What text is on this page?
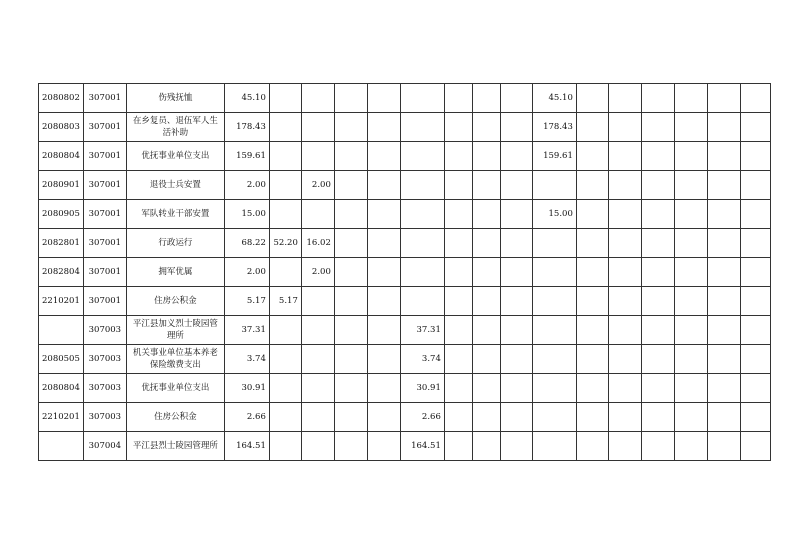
2080802	307001	伤残抚恤	45.10									45.10						
2080803	307001	在乡复员、退伍军人生活补助	178.43									178.43						
2080804	307001	优抚事业单位支出	159.61									159.61						
2080901	307001	退役士兵安置	2.00		2.00													
2080905	307001	军队转业干部安置	15.00									15.00						
2082801	307001	行政运行	68.22	52.20	16.02													
2082804	307001	拥军优属	2.00		2.00													
2210201	307001	住房公积金	5.17	5.17														
	307003	平江县加义烈士陵园管理所	37.31					37.31										
2080505	307003	机关事业单位基本养老保险缴费支出	3.74					3.74										
2080804	307003	优抚事业单位支出	30.91					30.91										
2210201	307003	住房公积金	2.66					2.66										
	307004	平江县烈士陵园管理所	164.51					164.51										
